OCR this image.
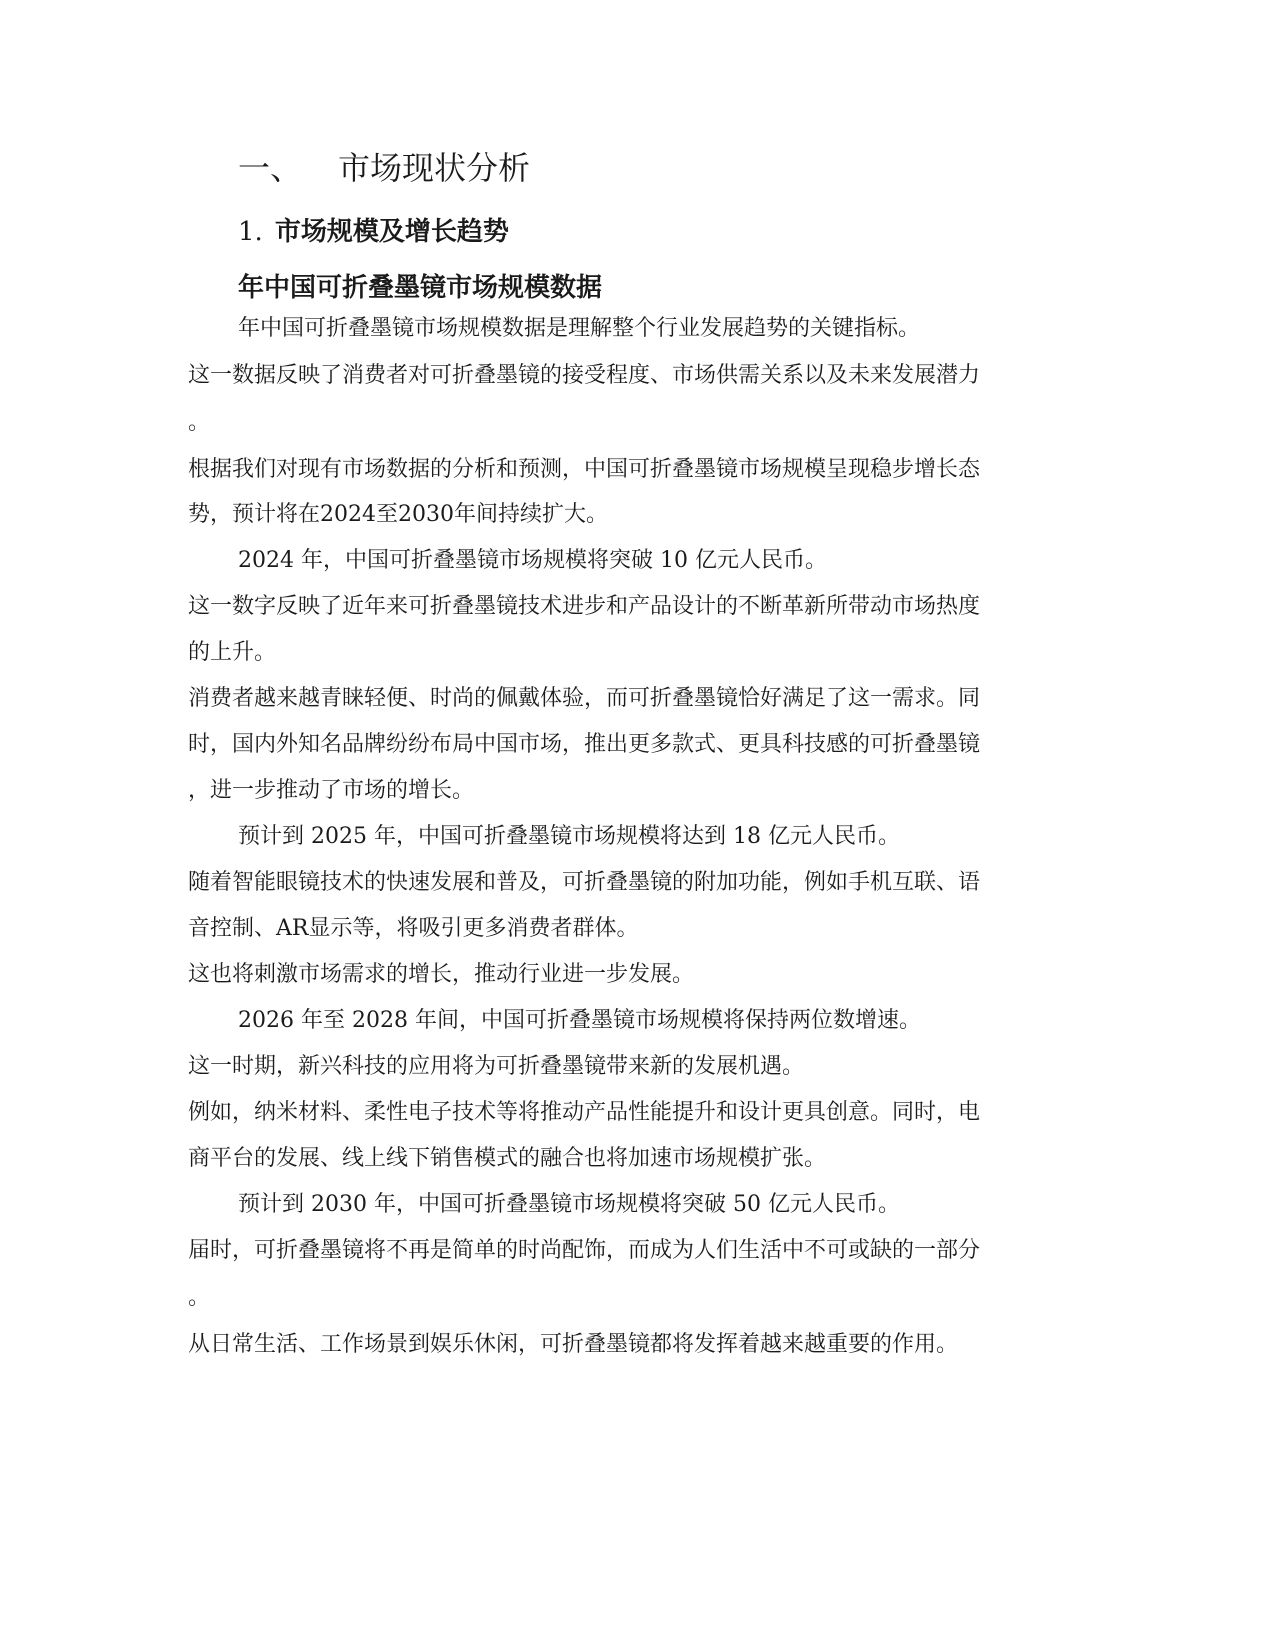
一、 市场现状分析
1. 市场规模及增长趋势
年中国可折叠墨镜市场规模数据
年中国可折叠墨镜市场规模数据是理解整个行业发展趋势的关键指标。
这一数据反映了消费者对可折叠墨镜的接受程度、市场供需关系以及未来发展潜力
。
根据我们对现有市场数据的分析和预测，中国可折叠墨镜市场规模呈现稳步增长态
势，预计将在2024至2030年间持续扩大。
2024 年，中国可折叠墨镜市场规模将突破 10 亿元人民币。
这一数字反映了近年来可折叠墨镜技术进步和产品设计的不断革新所带动市场热度
的上升。
消费者越来越青睐轻便、时尚的佩戴体验，而可折叠墨镜恰好满足了这一需求。同
时，国内外知名品牌纷纷布局中国市场，推出更多款式、更具科技感的可折叠墨镜
，进一步推动了市场的增长。
预计到 2025 年，中国可折叠墨镜市场规模将达到 18 亿元人民币。
随着智能眼镜技术的快速发展和普及，可折叠墨镜的附加功能，例如手机互联、语
音控制、AR显示等，将吸引更多消费者群体。
这也将刺激市场需求的增长，推动行业进一步发展。
2026 年至 2028 年间，中国可折叠墨镜市场规模将保持两位数增速。
这一时期，新兴科技的应用将为可折叠墨镜带来新的发展机遇。
例如，纳米材料、柔性电子技术等将推动产品性能提升和设计更具创意。同时，电
商平台的发展、线上线下销售模式的融合也将加速市场规模扩张。
预计到 2030 年，中国可折叠墨镜市场规模将突破 50 亿元人民币。
届时，可折叠墨镜将不再是简单的时尚配饰，而成为人们生活中不可或缺的一部分
。
从日常生活、工作场景到娱乐休闲，可折叠墨镜都将发挥着越来越重要的作用。
